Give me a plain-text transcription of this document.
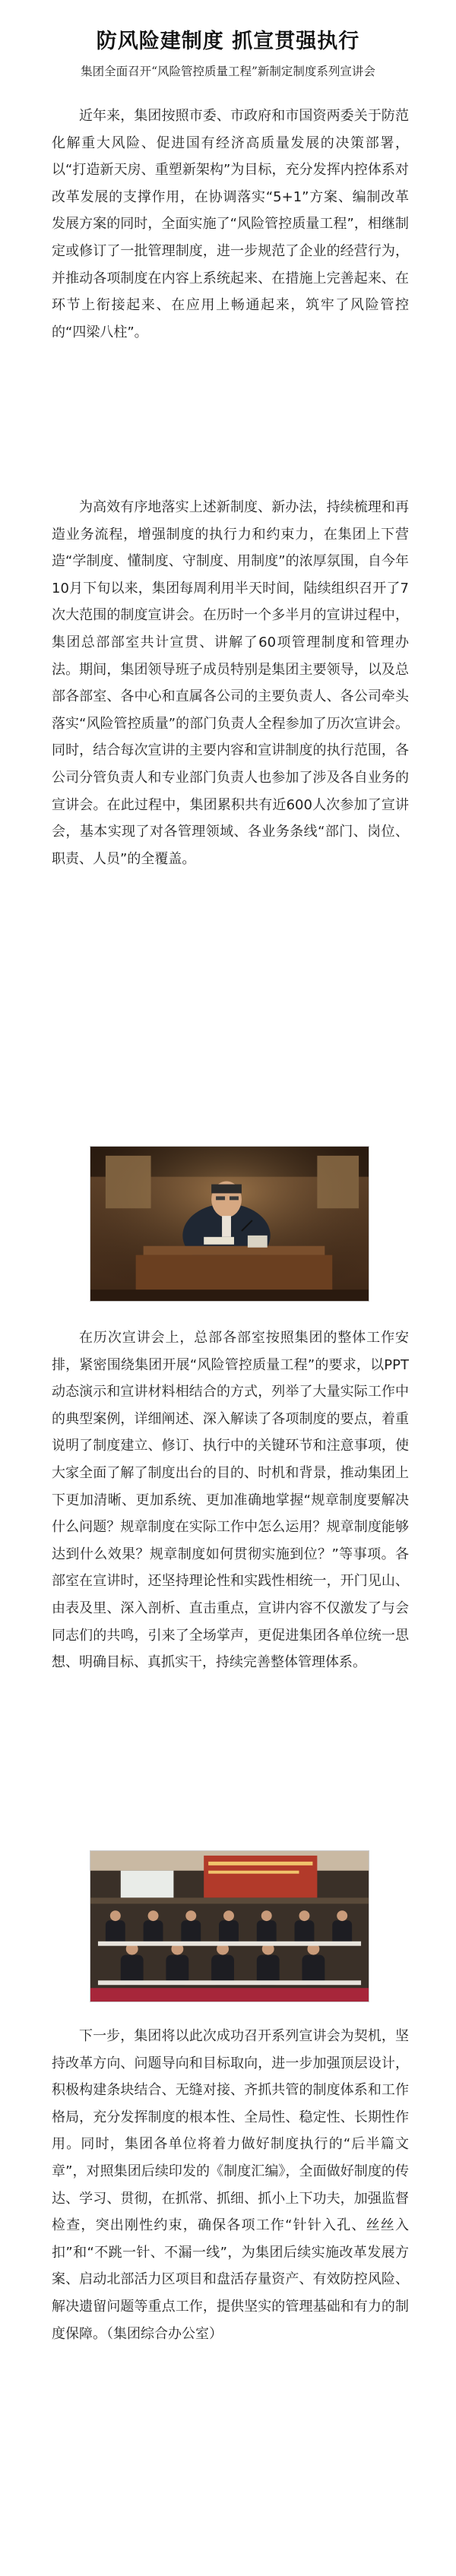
防风险建制度 抓宣贯强执行
集团全面召开“风险管控质量工程”新制定制度系列宣讲会

近年来，集团按照市委、市政府和市国资两委关于防范化解重大风险、促进国有经济高质量发展的决策部署，以“打造新天房、重塑新架构”为目标，充分发挥内控体系对改革发展的支撑作用，在协调落实“5+1”方案、编制改革发展方案的同时，全面实施了“风险管控质量工程”，相继制定或修订了一批管理制度，进一步规范了企业的经营行为，并推动各项制度在内容上系统起来、在措施上完善起来、在环节上衔接起来、在应用上畅通起来，筑牢了风险管控的“四梁八柱”。

为高效有序地落实上述新制度、新办法，持续梳理和再造业务流程，增强制度的执行力和约束力，在集团上下营造“学制度、懂制度、守制度、用制度”的浓厚氛围，自今年10月下旬以来，集团每周利用半天时间，陆续组织召开了7次大范围的制度宣讲会。在历时一个多半月的宣讲过程中，集团总部部室共计宣贯、讲解了60项管理制度和管理办法。期间，集团领导班子成员特别是集团主要领导，以及总部各部室、各中心和直属各公司的主要负责人、各公司牵头落实“风险管控质量”的部门负责人全程参加了历次宣讲会。同时，结合每次宣讲的主要内容和宣讲制度的执行范围，各公司分管负责人和专业部门负责人也参加了涉及各自业务的宣讲会。在此过程中，集团累积共有近600人次参加了宣讲会，基本实现了对各管理领域、各业务条线“部门、岗位、职责、人员”的全覆盖。

在历次宣讲会上，总部各部室按照集团的整体工作安排，紧密围绕集团开展“风险管控质量工程”的要求，以PPT动态演示和宣讲材料相结合的方式，列举了大量实际工作中的典型案例，详细阐述、深入解读了各项制度的要点，着重说明了制度建立、修订、执行中的关键环节和注意事项，使大家全面了解了制度出台的目的、时机和背景，推动集团上下更加清晰、更加系统、更加准确地掌握“规章制度要解决什么问题？规章制度在实际工作中怎么运用？规章制度能够达到什么效果？规章制度如何贯彻实施到位？”等事项。各部室在宣讲时，还坚持理论性和实践性相统一，开门见山、由表及里、深入剖析、直击重点，宣讲内容不仅激发了与会同志们的共鸣，引来了全场掌声，更促进集团各单位统一思想、明确目标、真抓实干，持续完善整体管理体系。

下一步，集团将以此次成功召开系列宣讲会为契机，坚持改革方向、问题导向和目标取向，进一步加强顶层设计，积极构建条块结合、无缝对接、齐抓共管的制度体系和工作格局，充分发挥制度的根本性、全局性、稳定性、长期性作用。同时，集团各单位将着力做好制度执行的“后半篇文章”，对照集团后续印发的《制度汇编》，全面做好制度的传达、学习、贯彻，在抓常、抓细、抓小上下功夫，加强监督检查，突出刚性约束，确保各项工作“针针入孔、丝丝入扣”和“不跳一针、不漏一线”，为集团后续实施改革发展方案、启动北部活力区项目和盘活存量资产、有效防控风险、解决遗留问题等重点工作，提供坚实的管理基础和有力的制度保障。（集团综合办公室）
